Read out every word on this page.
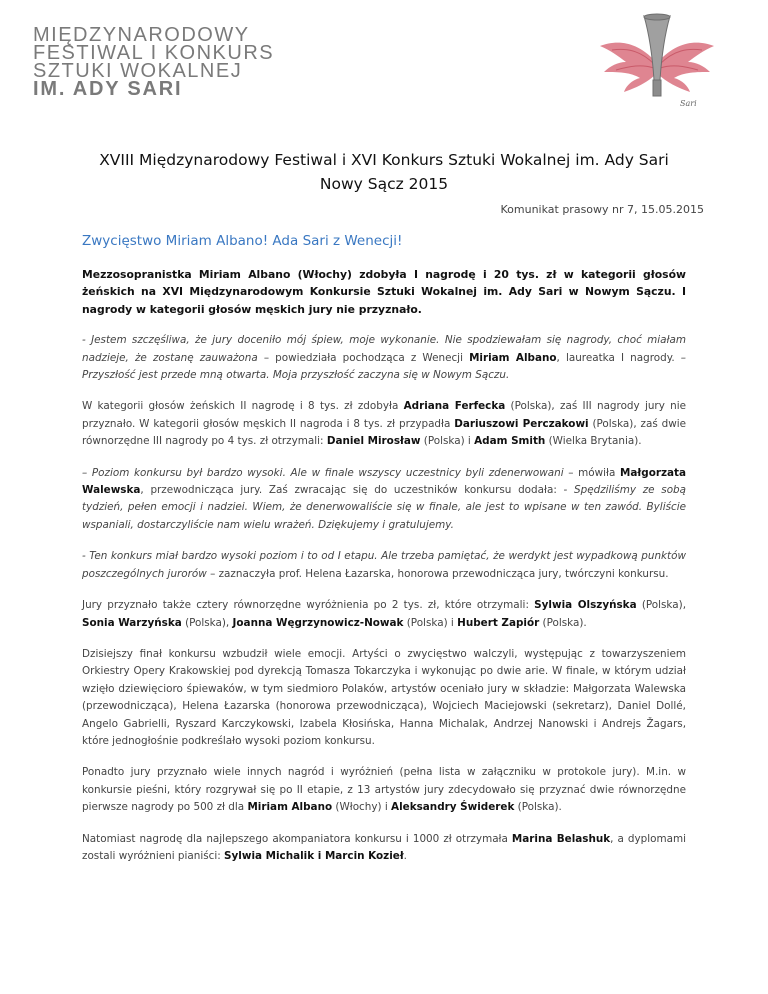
MIĘDZYNARODOWY
FESTIWAL I KONKURS
SZTUKI WOKALNEJ
IM. ADY SARI
Sari
XVIII Międzynarodowy Festiwal i XVI Konkurs Sztuki Wokalnej im. Ady Sari
Nowy Sącz 2015
Komunikat prasowy nr 7, 15.05.2015
Zwycięstwo Miriam Albano! Ada Sari z Wenecji!

Mezzosopranistka Miriam Albano (Włochy) zdobyła I nagrodę i 20 tys. zł w kategorii głosów żeńskich na XVI Międzynarodowym Konkursie Sztuki Wokalnej im. Ady Sari w Nowym Sączu. I nagrody w kategorii głosów męskich jury nie przyznało.

- Jestem szczęśliwa, że jury doceniło mój śpiew, moje wykonanie. Nie spodziewałam się nagrody, choć miałam nadzieje, że zostanę zauważona – powiedziała pochodząca z Wenecji Miriam Albano, laureatka I nagrody. – Przyszłość jest przede mną otwarta. Moja przyszłość zaczyna się w Nowym Sączu.

W kategorii głosów żeńskich II nagrodę i 8 tys. zł zdobyła Adriana Ferfecka (Polska), zaś III nagrody jury nie przyznało. W kategorii głosów męskich II nagroda i 8 tys. zł przypadła Dariuszowi Perczakowi (Polska), zaś dwie równorzędne III nagrody po 4 tys. zł otrzymali: Daniel Mirosław (Polska) i Adam Smith (Wielka Brytania).

– Poziom konkursu był bardzo wysoki. Ale w finale wszyscy uczestnicy byli zdenerwowani – mówiła Małgorzata Walewska, przewodnicząca jury. Zaś zwracając się do uczestników konkursu dodała: - Spędziliśmy ze sobą tydzień, pełen emocji i nadziei. Wiem, że denerwowaliście się w finale, ale jest to wpisane w ten zawód. Byliście wspaniali, dostarczyliście nam wielu wrażeń. Dziękujemy i gratulujemy.

- Ten konkurs miał bardzo wysoki poziom i to od I etapu. Ale trzeba pamiętać, że werdykt jest wypadkową punktów poszczególnych jurorów – zaznaczyła prof. Helena Łazarska, honorowa przewodnicząca jury, twórczyni konkursu.

Jury przyznało także cztery równorzędne wyróżnienia po 2 tys. zł, które otrzymali: Sylwia Olszyńska (Polska), Sonia Warzyńska (Polska), Joanna Węgrzynowicz-Nowak (Polska) i Hubert Zapiór (Polska).

Dzisiejszy finał konkursu wzbudził wiele emocji. Artyści o zwycięstwo walczyli, występując z towarzyszeniem Orkiestry Opery Krakowskiej pod dyrekcją Tomasza Tokarczyka i wykonując po dwie arie. W finale, w którym udział wzięło dziewięcioro śpiewaków, w tym siedmioro Polaków, artystów oceniało jury w składzie: Małgorzata Walewska (przewodnicząca), Helena Łazarska (honorowa przewodnicząca), Wojciech Maciejowski (sekretarz), Daniel Dollé, Angelo Gabrielli, Ryszard Karczykowski, Izabela Kłosińska, Hanna Michalak, Andrzej Nanowski i Andrejs Žagars, które jednogłośnie podkreślało wysoki poziom konkursu.

Ponadto jury przyznało wiele innych nagród i wyróżnień (pełna lista w załączniku w protokole jury). M.in. w konkursie pieśni, który rozgrywał się po II etapie, z 13 artystów jury zdecydowało się przyznać dwie równorzędne pierwsze nagrody po 500 zł dla Miriam Albano (Włochy) i Aleksandry Świderek (Polska).

Natomiast nagrodę dla najlepszego akompaniatora konkursu i 1000 zł otrzymała Marina Belashuk, a dyplomami zostali wyróżnieni pianiści: Sylwia Michalik i Marcin Kozieł.
